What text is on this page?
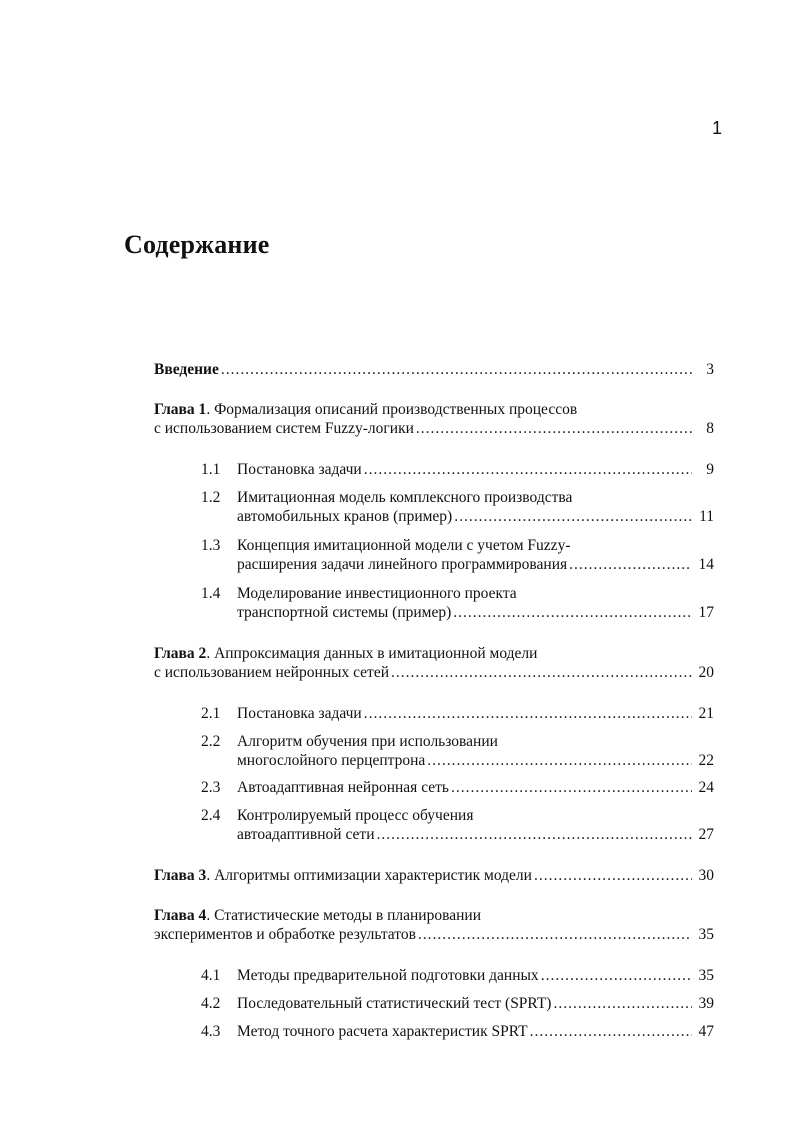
1
Содержание
Введение .....	3
Глава 1 . Формализация описаний производственных процессов
с использованием систем Fuzzy-логики .....	8
1.1	Постановка задачи .....	9
1.2	Имитационная модель комплексного производства
автомобильных кранов (пример) .....	11
1.3	Концепция имитационной модели с учетом Fuzzy-
расширения задачи линейного программирования .....	14
1.4	Моделирование инвестиционного проекта
транспортной системы (пример) .....	17
Глава 2 . Аппроксимация данных в имитационной модели
с использованием нейронных сетей .....	20
2.1	Постановка задачи .....	21
2.2	Алгоритм обучения при использовании
многослойного перцептрона .....	22
2.3	Автоадаптивная нейронная сеть .....	24
2.4	Контролируемый процесс обучения
автоадаптивной сети .....	27
Глава 3 . Алгоритмы оптимизации характеристик модели .....	30
Глава 4 . Статистические методы в планировании
экспериментов и обработке результатов .....	35
4.1	Методы предварительной подготовки данных .....	35
4.2	Последовательный статистический тест (SPRT) .....	39
4.3	Метод точного расчета характеристик SPRT .....	47
